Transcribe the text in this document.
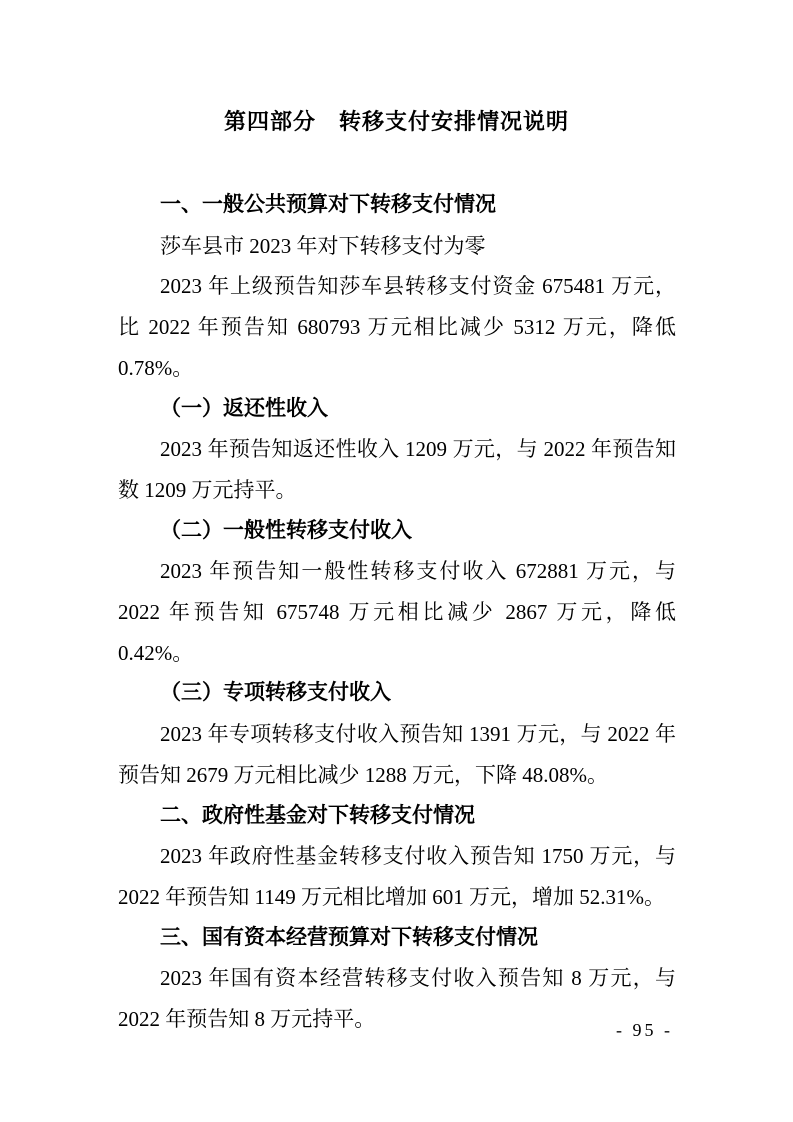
第四部分　转移支付安排情况说明

一、一般公共预算对下转移支付情况

莎车县市 2023 年对下转移支付为零

2023 年上级预告知莎车县转移支付资金 675481 万元，比 2022 年预告知 680793 万元相比减少 5312 万元，降低 0.78%。

（一）返还性收入

2023 年预告知返还性收入 1209 万元，与 2022 年预告知数 1209 万元持平。

（二）一般性转移支付收入

2023 年预告知一般性转移支付收入 672881 万元，与 2022 年预告知 675748 万元相比减少 2867 万元，降低 0.42%。

（三）专项转移支付收入

2023 年专项转移支付收入预告知 1391 万元，与 2022 年预告知 2679 万元相比减少 1288 万元，下降 48.08%。

二、政府性基金对下转移支付情况

2023 年政府性基金转移支付收入预告知 1750 万元，与 2022 年预告知 1149 万元相比增加 601 万元，增加 52.31%。

三、国有资本经营预算对下转移支付情况

2023 年国有资本经营转移支付收入预告知 8 万元，与 2022 年预告知 8 万元持平。	- 95 -
